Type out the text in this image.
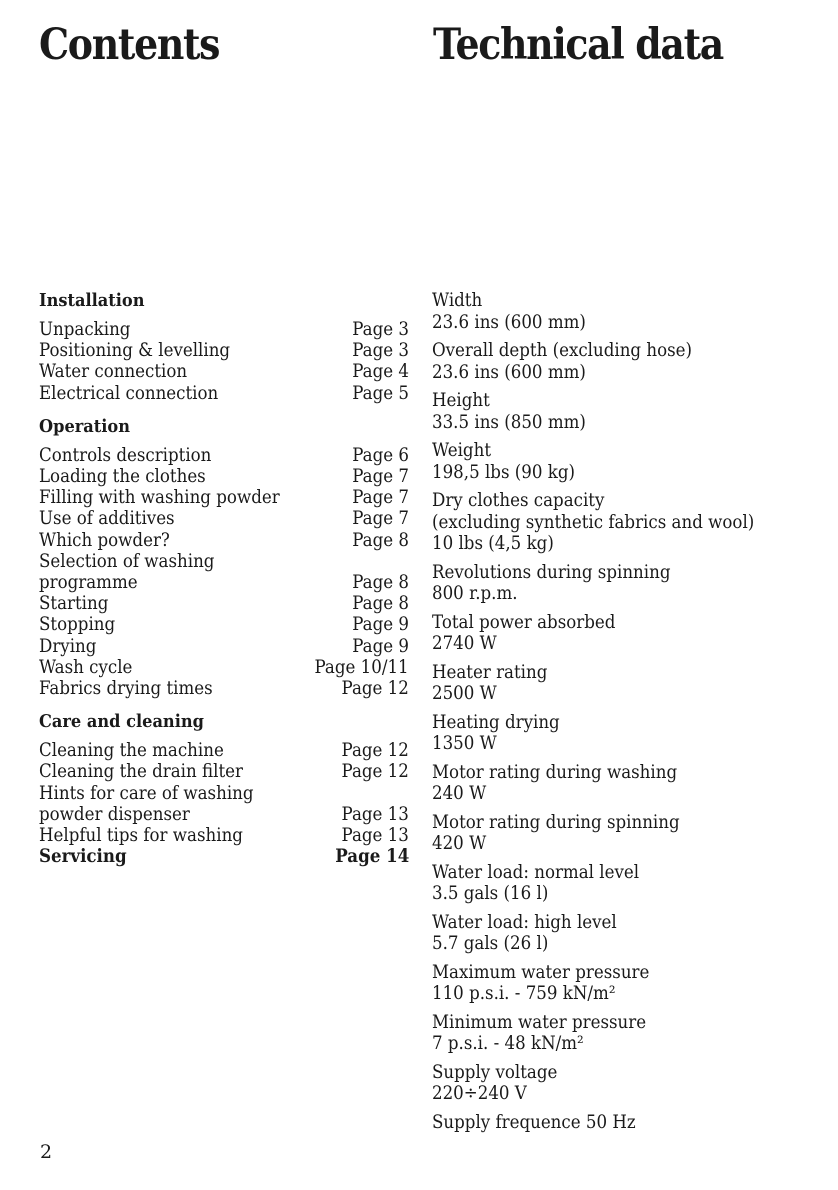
Contents	Technical data
Installation
Unpacking	Page 3
Positioning & levelling	Page 3
Water connection	Page 4
Electrical connection	Page 5
Operation
Controls description	Page 6
Loading the clothes	Page 7
Filling with washing powder	Page 7
Use of additives	Page 7
Which powder?	Page 8
Selection of washing
programme	Page 8
Starting	Page 8
Stopping	Page 9
Drying	Page 9
Wash cycle	Page 10/11
Fabrics drying times	Page 12
Care and cleaning
Cleaning the machine	Page 12
Cleaning the drain filter	Page 12
Hints for care of washing
powder dispenser	Page 13
Helpful tips for washing	Page 13
Servicing	Page 14
Width
23.6 ins (600 mm)
Overall depth (excluding hose)
23.6 ins (600 mm)
Height
33.5 ins (850 mm)
Weight
198,5 lbs (90 kg)
Dry clothes capacity
(excluding synthetic fabrics and wool)
10 lbs (4,5 kg)
Revolutions during spinning
800 r.p.m.
Total power absorbed
2740 W
Heater rating
2500 W
Heating drying
1350 W
Motor rating during washing
240 W
Motor rating during spinning
420 W
Water load: normal level
3.5 gals (16 l)
Water load: high level
5.7 gals (26 l)
Maximum water pressure
110 p.s.i. - 759 kN/m²
Minimum water pressure
7 p.s.i. - 48 kN/m²
Supply voltage
220÷240 V
Supply frequence 50 Hz
2
